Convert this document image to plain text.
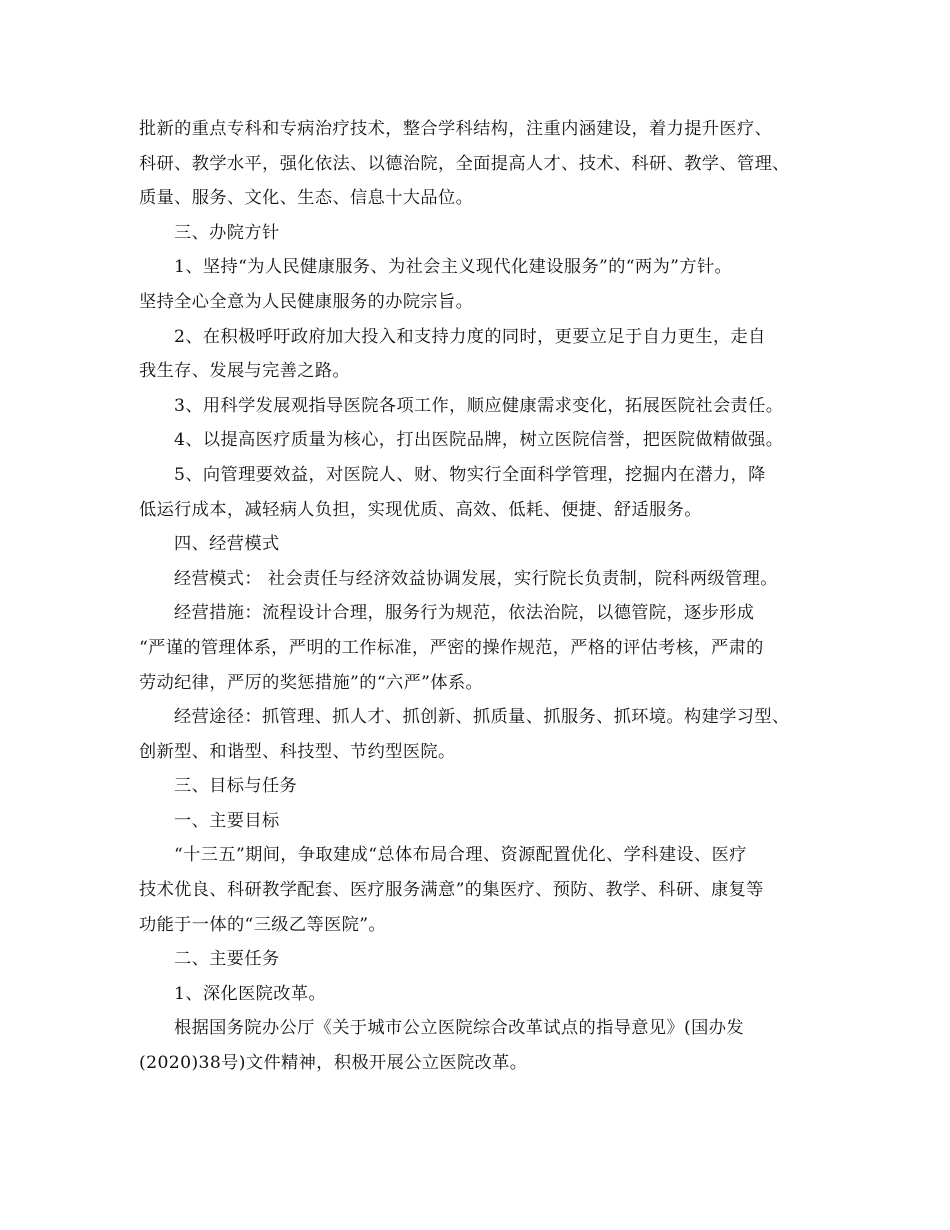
批新的重点专科和专病治疗技术，整合学科结构，注重内涵建设，着力提升医疗、
科研、教学水平，强化依法、以德治院，全面提高人才、技术、科研、教学、管理、
质量、服务、文化、生态、信息十大品位。
三、办院方针
1、坚持“为人民健康服务、为社会主义现代化建设服务”的“两为”方针。
坚持全心全意为人民健康服务的办院宗旨。
2、在积极呼吁政府加大投入和支持力度的同时，更要立足于自力更生，走自
我生存、发展与完善之路。
3、用科学发展观指导医院各项工作，顺应健康需求变化，拓展医院社会责任。
4、以提高医疗质量为核心，打出医院品牌，树立医院信誉，把医院做精做强。
5、向管理要效益，对医院人、财、物实行全面科学管理，挖掘内在潜力，降
低运行成本，减轻病人负担，实现优质、高效、低耗、便捷、舒适服务。
四、经营模式
经营模式： 社会责任与经济效益协调发展，实行院长负责制，院科两级管理。
经营措施：流程设计合理，服务行为规范，依法治院，以德管院，逐步形成
“严谨的管理体系，严明的工作标准，严密的操作规范，严格的评估考核，严肃的
劳动纪律，严厉的奖惩措施”的“六严”体系。
经营途径：抓管理、抓人才、抓创新、抓质量、抓服务、抓环境。构建学习型、
创新型、和谐型、科技型、节约型医院。
三、目标与任务
一、主要目标
“十三五”期间，争取建成“总体布局合理、资源配置优化、学科建设、医疗
技术优良、科研教学配套、医疗服务满意”的集医疗、预防、教学、科研、康复等
功能于一体的“三级乙等医院”。
二、主要任务
1、深化医院改革。
根据国务院办公厅《关于城市公立医院综合改革试点的指导意见》(国办发
(2020)38号)文件精神，积极开展公立医院改革。
